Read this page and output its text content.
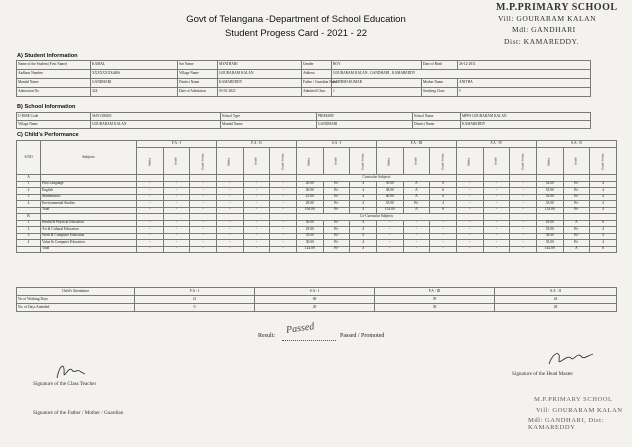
Govt of Telangana -Department of School Education
Student Progess Card - 2021 - 22
M.P.PRIMARY SCHOOL
Vill: GOURARAM KALAN
Mdl: GANDHARI
Dist: KAMAREDDY.
A) Student Information
Name of the Student (First Name)	KAMAL	Sur Name	MYATHARI	Gender	BOY	Date of Birth	26-12-2011
Aadhaar Number	XXXXXXXX4406	Village Name	GOURARAM KALAN	Address	GOURARAM KALAN , GANDHARI , KAMAREDDY		
Mandal Name	GANDHARI	District Name	KAMAREDDY	Father / Guardian Name	SATHISH KUMAR	Mother Name	ANITHA
Admission No	324	Date of Admission	03-01-2021	Admitted Class	1	Studying Class	5
B) School Information
U-DISE Code	36191300301	School Type	PRIMARY	School Name	MPPS GOURARAM KALAN
Village Name	GOURARAM KALAN	Mandal Name	GANDHARI	District Name	KAMAREDDY
C) Child's Performance
S.NO	Subjects	F.A - I			F.A - II			S.A - I			F.A - III			F.A - IV			S.A - II		
		Marks	Grade	Grade Points	Marks	Grade	Grade Points	Marks	Grade	Grade Points	Marks	Grade	Grade Points	Marks	Grade	Grade Points	Marks	Grade	Grade Points
A								Curricular Subjects											
1	First Language	-	-	-	-	-	-	20.00	B+	4	39.00	A	6	-	-	-	32.00	B+	4
2	English	-	-	-	-	-	-	30.00	B+	4	38.00	A	6	-	-	-	35.00	B+	4
3	Mathematics	-	-	-	-	-	-	25.00	B+	4	40.00	A	6	-	-	-	33.00	B+	4
4	Environmental Studies	-	-	-	-	-	-	29.00	B+	4	35.00	B+	4	-	-	-	33.00	B+	4
	Total	-	-	-	-	-	-	104.00	B+	4	152.00	A	6	-	-	-	133.00	B+	4
B								Co-Curricular Subjects											
1	Health & Physical Education	-	-	-	-	-	-	30.00	B+	4	-	-	-	-	-	-	29.00	A	6
2	Art & Cultural Education	-	-	-	-	-	-	29.00	B+	4	-	-	-	-	-	-	35.00	B+	4
3	Work & Computer Education	-	-	-	-	-	-	35.00	B+	4	-	-	-	-	-	-	38.00	B+	4
4	Value & Computer Education	-	-	-	-	-	-	30.00	B+	4	-	-	-	-	-	-	35.00	B+	4
	Total	-	-	-	-	-	-	124.00	B+	4	-	-	-	-	-	-	142.00	A	6
Child's Attendance	F.A - I	S.A - I	F.A - III	S.A - II
No of Working Days	21	68	59	43
No. of Days Attended	0	20	38	28
Result:
Passed
Passed / Promoted
Signature of the Class Teacher
Signature of the Father / Mother / Guardian
Signature of the Head Master
M.P.PRIMARY SCHOOL
Vill: GOURARAM KALAN
Mdl: GANDHARI, Dist: KAMAREDDY
